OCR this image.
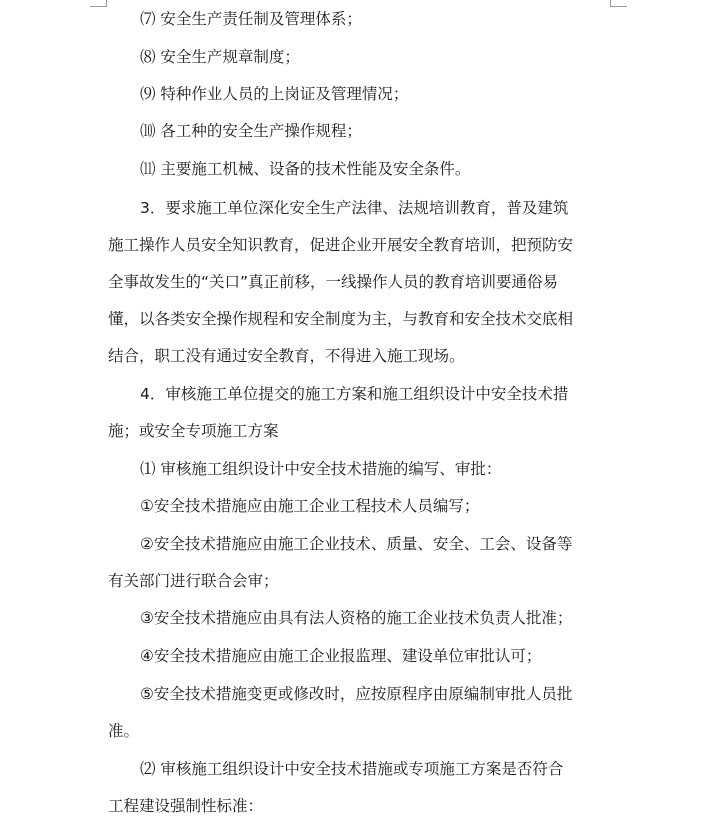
⑺ 安全生产责任制及管理体系；
⑻ 安全生产规章制度；
⑼ 特种作业人员的上岗证及管理情况；
⑽ 各工种的安全生产操作规程；
⑾ 主要施工机械、设备的技术性能及安全条件。
3．要求施工单位深化安全生产法律、法规培训教育，普及建筑
施工操作人员安全知识教育，促进企业开展安全教育培训，把预防安
全事故发生的“关口”真正前移，一线操作人员的教育培训要通俗易
懂，以各类安全操作规程和安全制度为主，与教育和安全技术交底相
结合，职工没有通过安全教育，不得进入施工现场。
4．审核施工单位提交的施工方案和施工组织设计中安全技术措
施；或安全专项施工方案
⑴ 审核施工组织设计中安全技术措施的编写、审批：
①安全技术措施应由施工企业工程技术人员编写；
②安全技术措施应由施工企业技术、质量、安全、工会、设备等
有关部门进行联合会审；
③安全技术措施应由具有法人资格的施工企业技术负责人批准；
④安全技术措施应由施工企业报监理、建设单位审批认可；
⑤安全技术措施变更或修改时，应按原程序由原编制审批人员批
准。
⑵ 审核施工组织设计中安全技术措施或专项施工方案是否符合
工程建设强制性标准：
